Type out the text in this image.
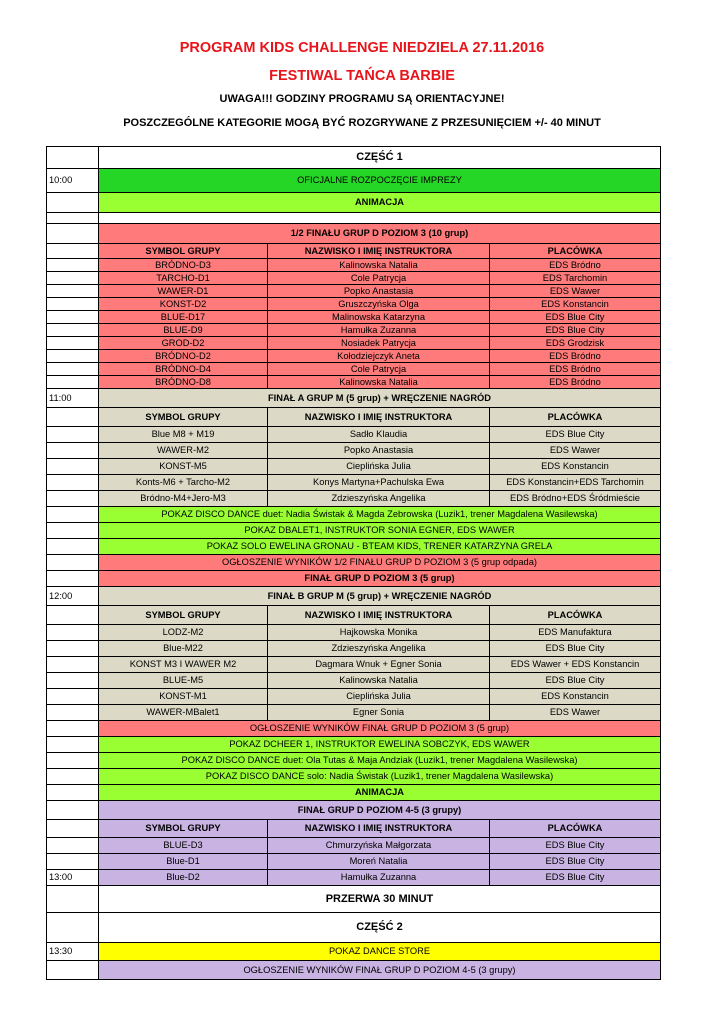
PROGRAM KIDS CHALLENGE NIEDZIELA 27.11.2016
FESTIWAL TAŃCA BARBIE
UWAGA!!! GODZINY PROGRAMU SĄ ORIENTACYJNE!
POSZCZEGÓLNE KATEGORIE MOGĄ BYĆ ROZGRYWANE Z PRZESUNIĘCIEM +/- 40 MINUT
	CZĘŚĆ 1		
10:00	OFICJALNE ROZPOCZĘCIE IMPREZY		
	ANIMACJA		

	1/2 FINAŁU GRUP D POZIOM 3 (10 grup)		
	SYMBOL GRUPY	NAZWISKO I IMIĘ INSTRUKTORA	PLACÓWKA
	BRÓDNO-D3	Kalinowska Natalia	EDS Bródno
	TARCHO-D1	Cole Patrycja	EDS Tarchomin
	WAWER-D1	Popko Anastasia	EDS Wawer
	KONST-D2	Gruszczyńska Olga	EDS Konstancin
	BLUE-D17	Malinowska Katarzyna	EDS Blue City
	BLUE-D9	Hamułka Zuzanna	EDS Blue City
	GROD-D2	Nosiadek Patrycja	EDS Grodzisk
	BRÓDNO-D2	Kołodziejczyk Aneta	EDS Bródno
	BRÓDNO-D4	Cole Patrycja	EDS Bródno
	BRÓDNO-D8	Kalinowska Natalia	EDS Bródno
11:00	FINAŁ A GRUP M (5 grup) + WRĘCZENIE NAGRÓD		
	SYMBOL GRUPY	NAZWISKO I IMIĘ INSTRUKTORA	PLACÓWKA
	Blue M8 + M19	Sadło Klaudia	EDS Blue City
	WAWER-M2	Popko Anastasia	EDS Wawer
	KONST-M5	Cieplińska Julia	EDS Konstancin
	Konts-M6 + Tarcho-M2	Konys Martyna+Pachulska Ewa	EDS Konstancin+EDS Tarchomin
	Bródno-M4+Jero-M3	Zdzieszyńska Angelika	EDS Bródno+EDS Śródmieście
	POKAZ DISCO DANCE duet: Nadia Świstak & Magda Zebrowska (Luzik1, trener Magdalena Wasilewska)		
	POKAZ DBALET1, INSTRUKTOR SONIA EGNER, EDS WAWER		
	POKAZ SOLO EWELINA GRONAU - BTEAM KIDS, TRENER KATARZYNA GRELA		
	OGŁOSZENIE WYNIKÓW 1/2 FINAŁU GRUP D POZIOM 3 (5 grup odpada)		
	FINAŁ GRUP D POZIOM 3 (5 grup)		
12:00	FINAŁ B GRUP M (5 grup) + WRĘCZENIE NAGRÓD		
	SYMBOL GRUPY	NAZWISKO I IMIĘ INSTRUKTORA	PLACÓWKA
	LODZ-M2	Hajkowska Monika	EDS Manufaktura
	Blue-M22	Zdzieszyńska Angelika	EDS Blue City
	KONST M3 I WAWER M2	Dagmara Wnuk + Egner Sonia	EDS Wawer + EDS Konstancin
	BLUE-M5	Kalinowska Natalia	EDS Blue City
	KONST-M1	Cieplińska Julia	EDS Konstancin
	WAWER-MBalet1	Egner Sonia	EDS Wawer
	OGŁOSZENIE WYNIKÓW FINAŁ GRUP D POZIOM 3 (5 grup)		
	POKAZ DCHEER 1, INSTRUKTOR EWELINA SOBCZYK, EDS WAWER		
	POKAZ DISCO DANCE duet: Ola Tutas & Maja Andziak (Luzik1, trener Magdalena Wasilewska)		
	POKAZ DISCO DANCE solo: Nadia Świstak (Luzik1, trener Magdalena Wasilewska)		
	ANIMACJA		
	FINAŁ GRUP D POZIOM 4-5 (3 grupy)		
	SYMBOL GRUPY	NAZWISKO I IMIĘ INSTRUKTORA	PLACÓWKA
	BLUE-D3	Chmurzyńska Małgorzata	EDS Blue City
	Blue-D1	Moreń Natalia	EDS Blue City
13:00	Blue-D2	Hamułka Zuzanna	EDS Blue City
	PRZERWA 30 MINUT		
	CZĘŚĆ 2		
13:30	POKAZ DANCE STORE		
	OGŁOSZENIE WYNIKÓW FINAŁ GRUP D POZIOM 4-5 (3 grupy)		
